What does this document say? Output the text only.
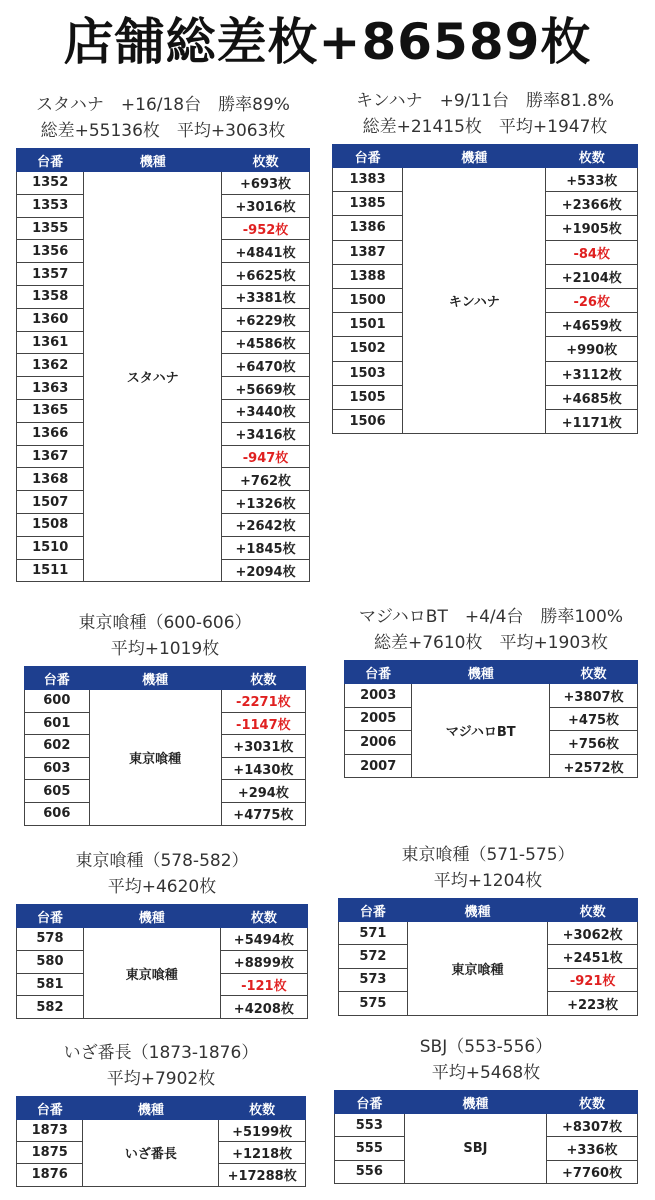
店舗総差枚+86589枚
スタハナ　+16/18台　勝率89%
総差+55136枚　平均+3063枚
台番	機種	枚数
1352	スタハナ	+693枚
1353		+3016枚
1355		-952枚
1356		+4841枚
1357		+6625枚
1358		+3381枚
1360		+6229枚
1361		+4586枚
1362		+6470枚
1363		+5669枚
1365		+3440枚
1366		+3416枚
1367		-947枚
1368		+762枚
1507		+1326枚
1508		+2642枚
1510		+1845枚
1511		+2094枚
キンハナ　+9/11台　勝率81.8%
総差+21415枚　平均+1947枚
台番	機種	枚数
1383	キンハナ	+533枚
1385		+2366枚
1386		+1905枚
1387		-84枚
1388		+2104枚
1500		-26枚
1501		+4659枚
1502		+990枚
1503		+3112枚
1505		+4685枚
1506		+1171枚
東京喰種（600-606）
平均+1019枚
台番	機種	枚数
600	東京喰種	-2271枚
601		-1147枚
602		+3031枚
603		+1430枚
605		+294枚
606		+4775枚
マジハロBT　+4/4台　勝率100%
総差+7610枚　平均+1903枚
台番	機種	枚数
2003	マジハロBT	+3807枚
2005		+475枚
2006		+756枚
2007		+2572枚
東京喰種（578-582）
平均+4620枚
台番	機種	枚数
578	東京喰種	+5494枚
580		+8899枚
581		-121枚
582		+4208枚
東京喰種（571-575）
平均+1204枚
台番	機種	枚数
571	東京喰種	+3062枚
572		+2451枚
573		-921枚
575		+223枚
いざ番長（1873-1876）
平均+7902枚
台番	機種	枚数
1873	いざ番長	+5199枚
1875		+1218枚
1876		+17288枚
SBJ（553-556）
平均+5468枚
台番	機種	枚数
553	SBJ	+8307枚
555		+336枚
556		+7760枚
